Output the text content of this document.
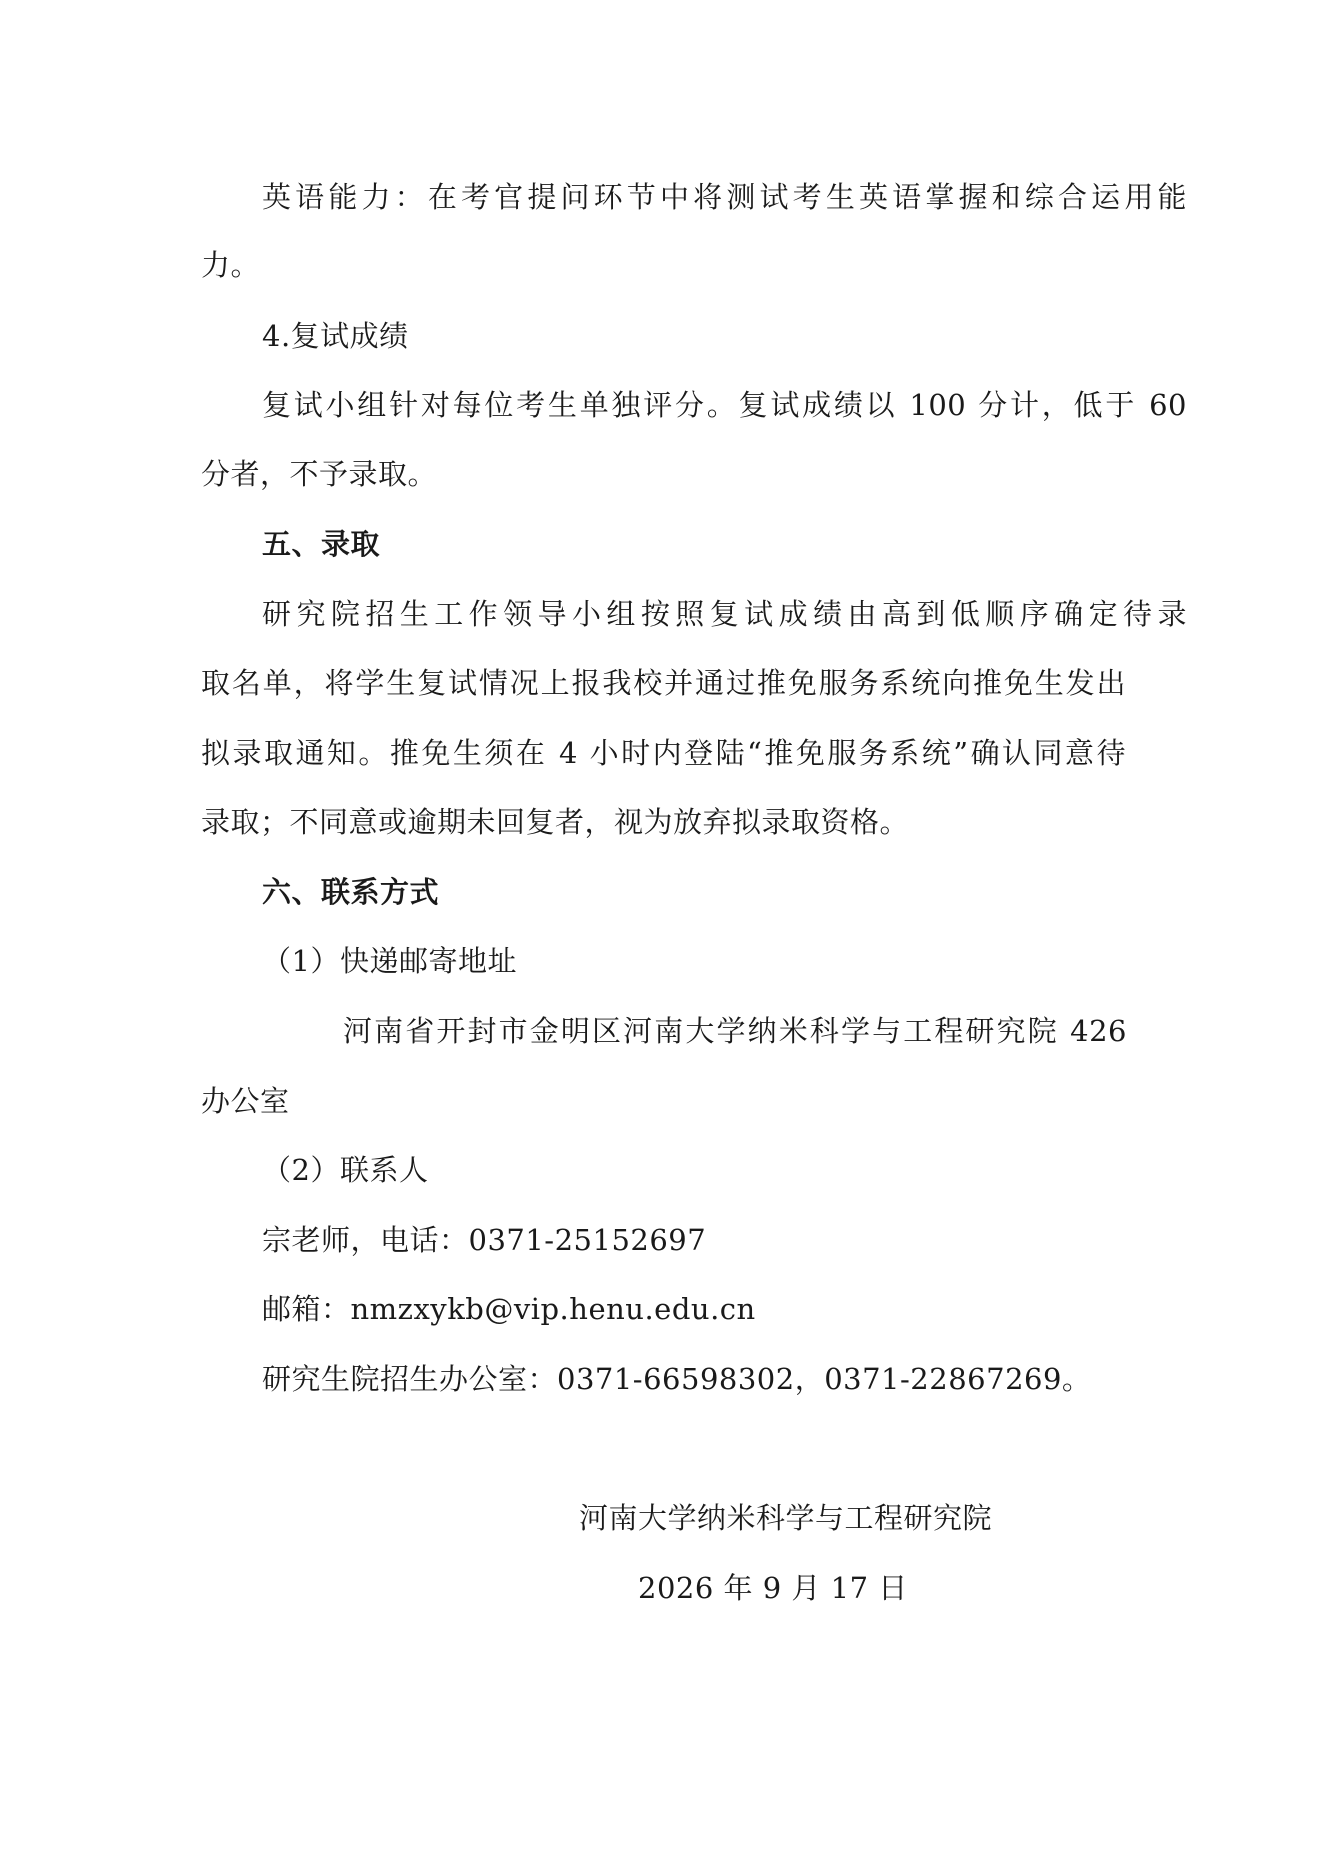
英语能力：在考官提问环节中将测试考生英语掌握和综合运用能
力。
4.复试成绩
复试小组针对每位考生单独评分。复试成绩以 100 分计，低于 60
分者，不予录取。
五、录取
研究院招生工作领导小组按照复试成绩由高到低顺序确定待录
取名单，将学生复试情况上报我校并通过推免服务系统向推免生发出
拟录取通知。推免生须在 4 小时内登陆“推免服务系统”确认同意待
录取；不同意或逾期未回复者，视为放弃拟录取资格。
六、联系方式
（1）快递邮寄地址
河南省开封市金明区河南大学纳米科学与工程研究院 426
办公室
（2）联系人
宗老师，电话：0371-25152697
邮箱：nmzxykb@vip.henu.edu.cn
研究生院招生办公室：0371-66598302，0371-22867269。
河南大学纳米科学与工程研究院
2026 年 9 月 17 日
